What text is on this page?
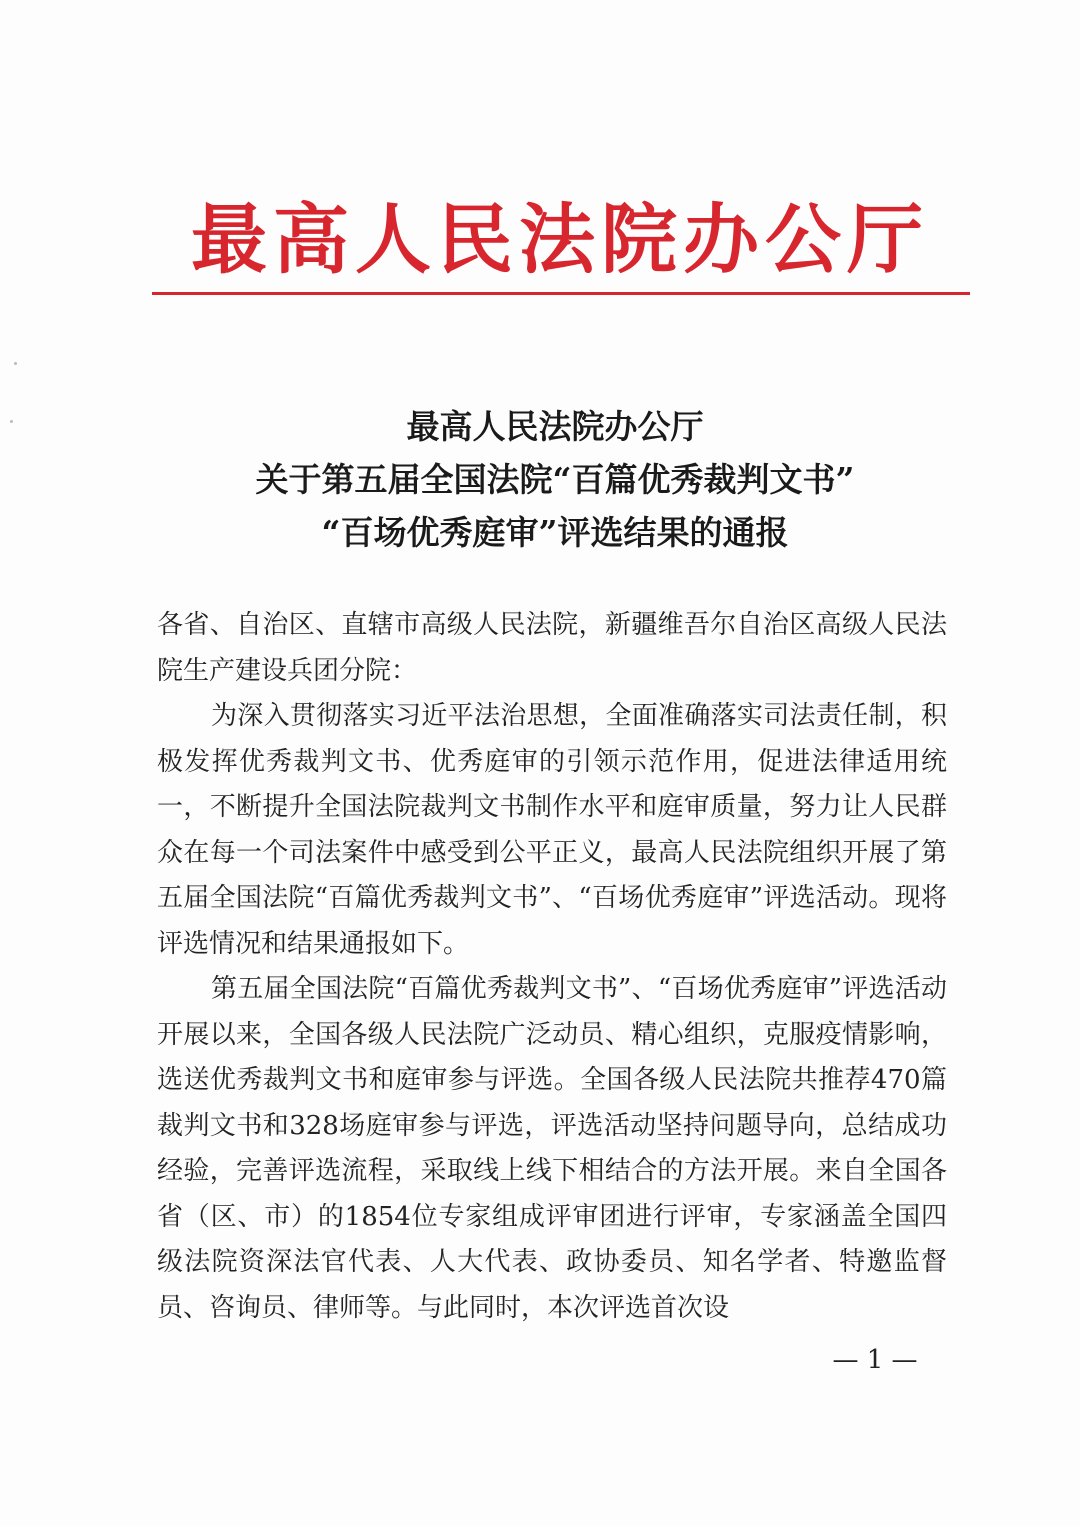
最高人民法院办公厅
最高人民法院办公厅
关于第五届全国法院“百篇优秀裁判文书”
“百场优秀庭审”评选结果的通报

各省、自治区、直辖市高级人民法院，新疆维吾尔自治区高级人民法院生产建设兵团分院：

为深入贯彻落实习近平法治思想，全面准确落实司法责任制，积极发挥优秀裁判文书、优秀庭审的引领示范作用，促进法律适用统一，不断提升全国法院裁判文书制作水平和庭审质量，努力让人民群众在每一个司法案件中感受到公平正义，最高人民法院组织开展了第五届全国法院“百篇优秀裁判文书”、“百场优秀庭审”评选活动。现将评选情况和结果通报如下。

第五届全国法院“百篇优秀裁判文书”、“百场优秀庭审”评选活动开展以来，全国各级人民法院广泛动员、精心组织，克服疫情影响，选送优秀裁判文书和庭审参与评选。全国各级人民法院共推荐470篇裁判文书和328场庭审参与评选，评选活动坚持问题导向，总结成功经验，完善评选流程，采取线上线下相结合的方法开展。来自全国各省（区、市）的1854位专家组成评审团进行评审，专家涵盖全国四级法院资深法官代表、人大代表、政协委员、知名学者、特邀监督员、咨询员、律师等。与此同时，本次评选首次设

— 1 —
